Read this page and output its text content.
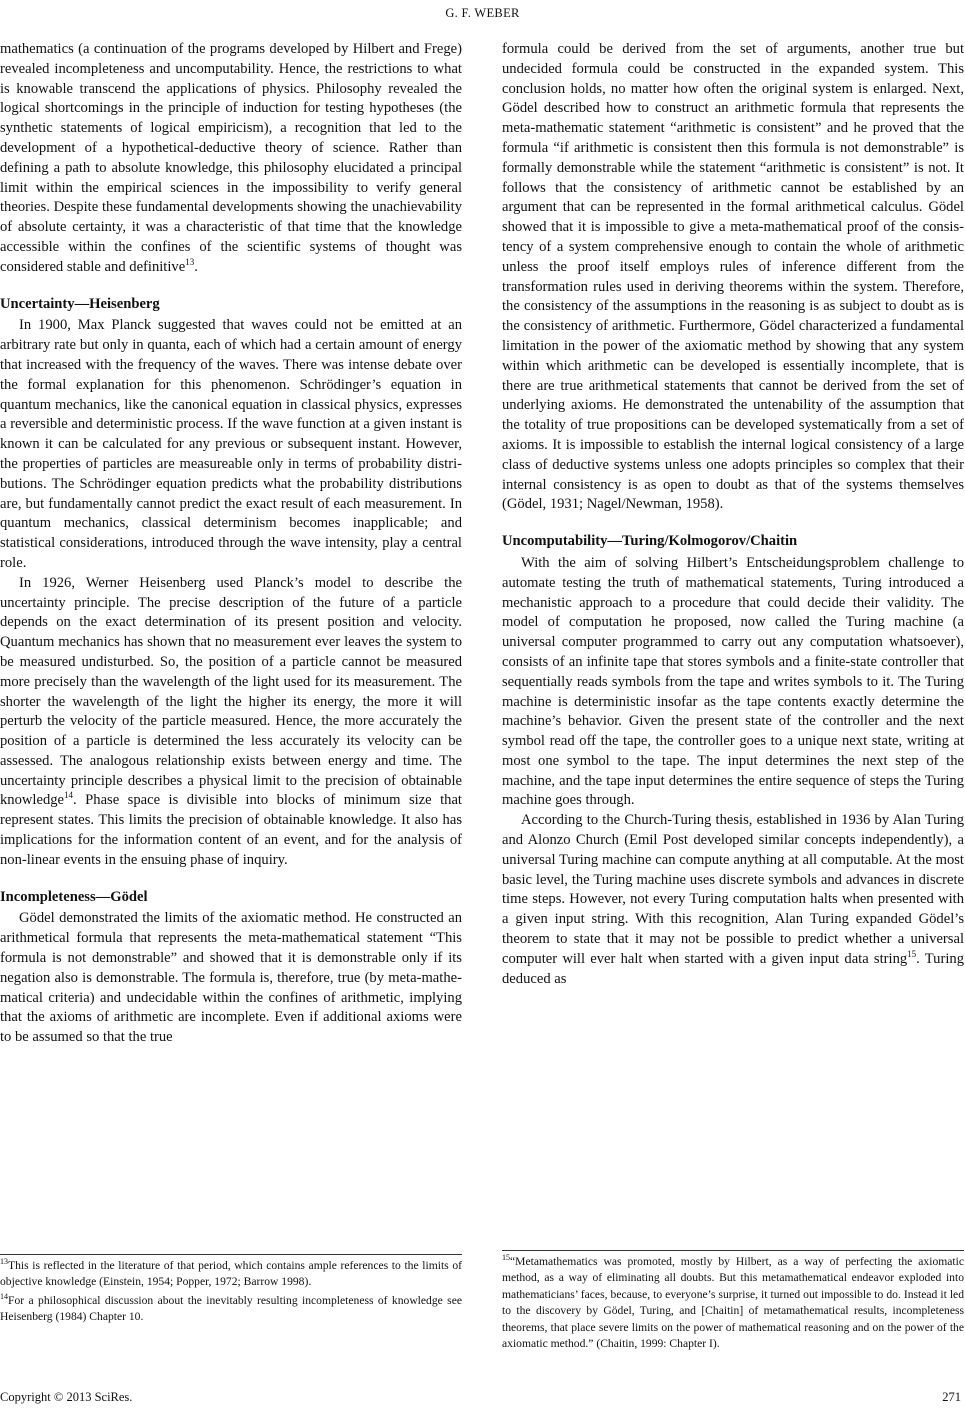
G. F. WEBER

mathematics (a continuation of the programs developed by Hilbert and Frege) revealed incompleteness and uncomputability. Hence, the restrictions to what is knowable transcend the applications of physics. Philosophy revealed the logical shortcomings in the principle of induction for testing hypotheses (the synthetic statements of logical empiricism), a recognition that led to the development of a hypothetical-deductive theory of science. Rather than defining a path to absolute knowledge, this philosophy elucidated a principal limit within the empirical sciences in the impossibility to verify general theories. Despite these fundamental developments showing the unachievability of absolute certainty, it was a characteristic of that time that the knowledge accessible within the confines of the scientific systems of thought was considered stable and definitive$^{13}$.

Uncertainty—Heisenberg

In 1900, Max Planck suggested that waves could not be emitted at an arbitrary rate but only in quanta, each of which had a certain amount of energy that increased with the frequency of the waves. There was intense debate over the formal explanation for this phenomenon. Schrödinger’s equation in quantum mechanics, like the canonical equation in classical physics, expresses a reversible and deterministic process. If the wave function at a given instant is known it can be calculated for any previous or subsequent instant. However, the properties of particles are measureable only in terms of probability distributions. The Schrödinger equation predicts what the probability distributions are, but fundamentally cannot predict the exact result of each measurement. In quantum mechanics, classical determinism becomes inapplicable; and statistical considerations, introduced through the wave intensity, play a central role.

In 1926, Werner Heisenberg used Planck’s model to describe the uncertainty principle. The precise description of the future of a particle depends on the exact determination of its present position and velocity. Quantum mechanics has shown that no measurement ever leaves the system to be measured undisturbed. So, the position of a particle cannot be measured more precisely than the wavelength of the light used for its measurement. The shorter the wavelength of the light the higher its energy, the more it will perturb the velocity of the particle measured. Hence, the more accurately the position of a particle is determined the less accurately its velocity can be assessed. The analogous relationship exists between energy and time. The uncertainty principle describes a physical limit to the precision of obtainable knowledge$^{14}$. Phase space is divisible into blocks of minimum size that represent states. This limits the precision of obtainable knowledge. It also has implications for the information content of an event, and for the analysis of non-linear events in the ensuing phase of inquiry.

Incompleteness—Gödel

Gödel demonstrated the limits of the axiomatic method. He constructed an arithmetical formula that represents the meta-mathematical statement “This formula is not demonstrable” and showed that it is demonstrable only if its negation also is demonstrable. The formula is, therefore, true (by meta-mathematical criteria) and undecidable within the confines of arithmetic, implying that the axioms of arithmetic are incomplete. Even if additional axioms were to be assumed so that the true

$^{13}$This is reflected in the literature of that period, which contains ample references to the limits of objective knowledge (Einstein, 1954; Popper, 1972; Barrow 1998).
$^{14}$For a philosophical discussion about the inevitably resulting incompleteness of knowledge see Heisenberg (1984) Chapter 10.

formula could be derived from the set of arguments, another true but undecided formula could be constructed in the expanded system. This conclusion holds, no matter how often the original system is enlarged. Next, Gödel described how to construct an arithmetic formula that represents the meta-mathematic statement “arithmetic is consistent” and he proved that the formula “if arithmetic is consistent then this formula is not demonstrable” is formally demonstrable while the statement “arithmetic is consistent” is not. It follows that the consistency of arithmetic cannot be established by an argument that can be represented in the formal arithmetical calculus. Gödel showed that it is impossible to give a meta-mathematical proof of the consistency of a system comprehensive enough to contain the whole of arithmetic unless the proof itself employs rules of inference different from the transformation rules used in deriving theorems within the system. Therefore, the consistency of the assumptions in the reasoning is as subject to doubt as is the consistency of arithmetic. Furthermore, Gödel characterized a fundamental limitation in the power of the axiomatic method by showing that any system within which arithmetic can be developed is essentially incomplete, that is there are true arithmetical statements that cannot be derived from the set of underlying axioms. He demonstrated the untenability of the assumption that the totality of true propositions can be developed systematically from a set of axioms. It is impossible to establish the internal logical consistency of a large class of deductive systems unless one adopts principles so complex that their internal consistency is as open to doubt as that of the systems themselves (Gödel, 1931; Nagel/Newman, 1958).

Uncomputability—Turing/Kolmogorov/Chaitin

With the aim of solving Hilbert’s Entscheidungsproblem challenge to automate testing the truth of mathematical statements, Turing introduced a mechanistic approach to a procedure that could decide their validity. The model of computation he proposed, now called the Turing machine (a universal computer programmed to carry out any computation whatsoever), consists of an infinite tape that stores symbols and a finite-state controller that sequentially reads symbols from the tape and writes symbols to it. The Turing machine is deterministic insofar as the tape contents exactly determine the machine’s behavior. Given the present state of the controller and the next symbol read off the tape, the controller goes to a unique next state, writing at most one symbol to the tape. The input determines the next step of the machine, and the tape input determines the entire sequence of steps the Turing machine goes through.

According to the Church-Turing thesis, established in 1936 by Alan Turing and Alonzo Church (Emil Post developed similar concepts independently), a universal Turing machine can compute anything at all computable. At the most basic level, the Turing machine uses discrete symbols and advances in discrete time steps. However, not every Turing computation halts when presented with a given input string. With this recognition, Alan Turing expanded Gödel’s theorem to state that it may not be possible to predict whether a universal computer will ever halt when started with a given input data string$^{15}$. Turing deduced as

$^{15}$“Metamathematics was promoted, mostly by Hilbert, as a way of perfecting the axiomatic method, as a way of eliminating all doubts. But this metamathematical endeavor exploded into mathematicians’ faces, because, to everyone’s surprise, it turned out impossible to do. Instead it led to the discovery by Gödel, Turing, and [Chaitin] of metamathematical results, incompleteness theorems, that place severe limits on the power of mathematical reasoning and on the power of the axiomatic method.” (Chaitin, 1999: Chapter I).
Copyright © 2013 SciRes.	271
